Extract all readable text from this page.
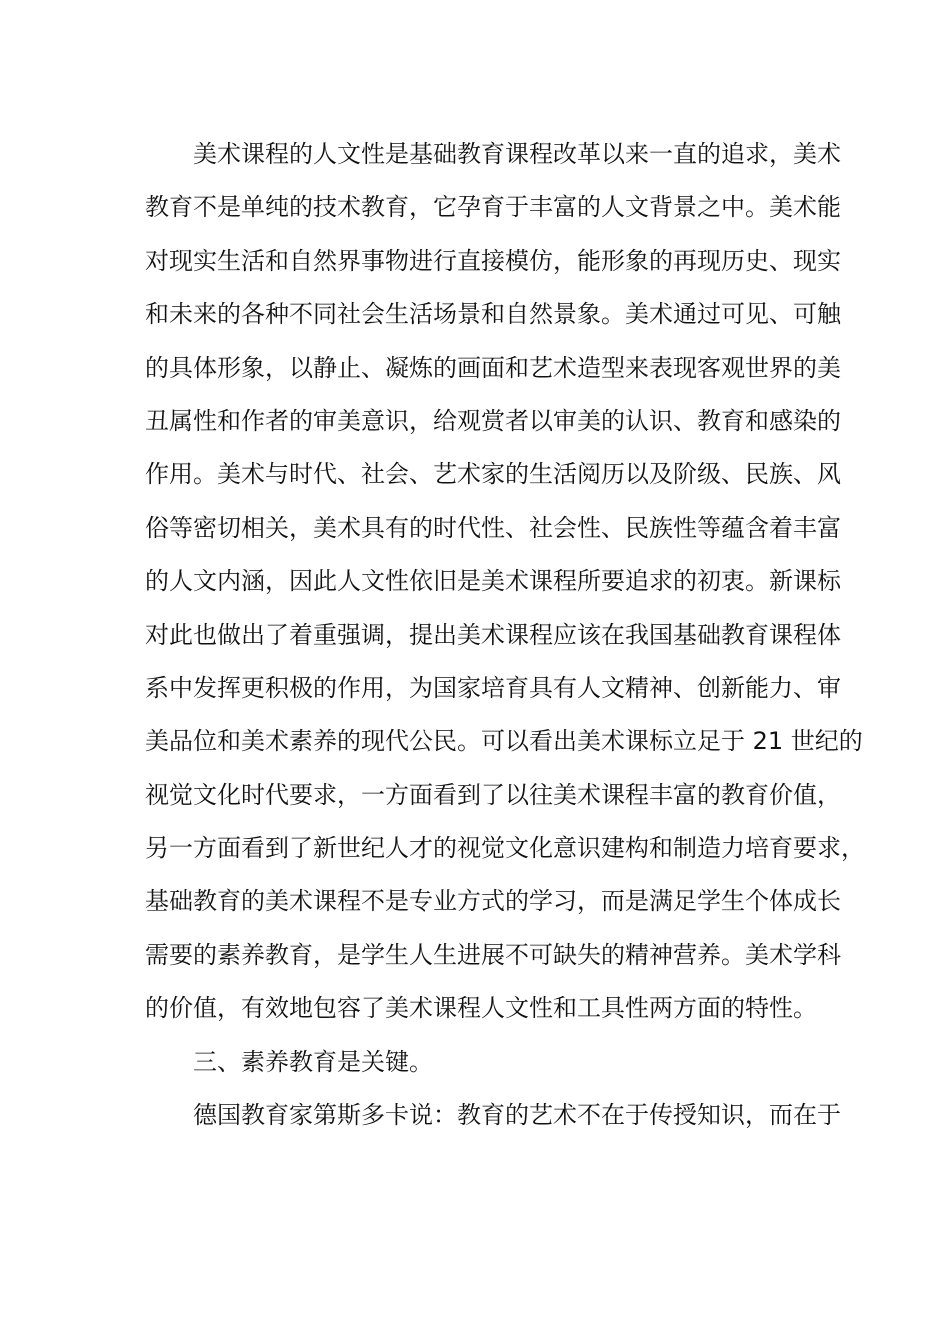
美术课程的人文性是基础教育课程改革以来一直的追求，美术
教育不是单纯的技术教育，它孕育于丰富的人文背景之中。美术能
对现实生活和自然界事物进行直接模仿，能形象的再现历史、现实
和未来的各种不同社会生活场景和自然景象。美术通过可见、可触
的具体形象，以静止、凝炼的画面和艺术造型来表现客观世界的美
丑属性和作者的审美意识，给观赏者以审美的认识、教育和感染的
作用。美术与时代、社会、艺术家的生活阅历以及阶级、民族、风
俗等密切相关，美术具有的时代性、社会性、民族性等蕴含着丰富
的人文内涵，因此人文性依旧是美术课程所要追求的初衷。新课标
对此也做出了着重强调，提出美术课程应该在我国基础教育课程体
系中发挥更积极的作用，为国家培育具有人文精神、创新能力、审
美品位和美术素养的现代公民。可以看出美术课标立足于 21 世纪的
视觉文化时代要求，一方面看到了以往美术课程丰富的教育价值，
另一方面看到了新世纪人才的视觉文化意识建构和制造力培育要求，
基础教育的美术课程不是专业方式的学习，而是满足学生个体成长
需要的素养教育，是学生人生进展不可缺失的精神营养。美术学科
的价值，有效地包容了美术课程人文性和工具性两方面的特性。
三、素养教育是关键。
德国教育家第斯多卡说：教育的艺术不在于传授知识，而在于
